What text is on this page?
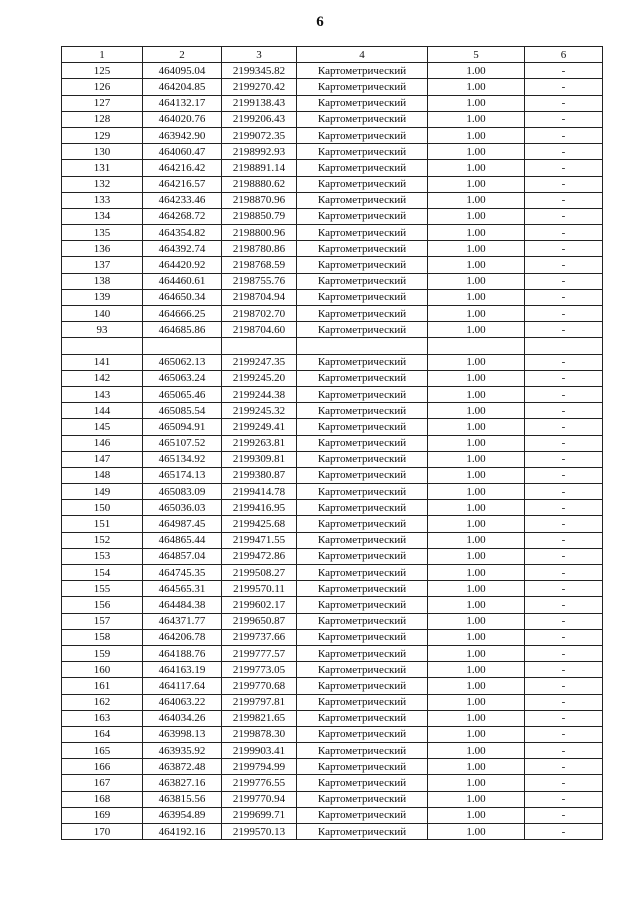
6
1	2	3	4	5	6
125	464095.04	2199345.82	Картометрический	1.00	-
126	464204.85	2199270.42	Картометрический	1.00	-
127	464132.17	2199138.43	Картометрический	1.00	-
128	464020.76	2199206.43	Картометрический	1.00	-
129	463942.90	2199072.35	Картометрический	1.00	-
130	464060.47	2198992.93	Картометрический	1.00	-
131	464216.42	2198891.14	Картометрический	1.00	-
132	464216.57	2198880.62	Картометрический	1.00	-
133	464233.46	2198870.96	Картометрический	1.00	-
134	464268.72	2198850.79	Картометрический	1.00	-
135	464354.82	2198800.96	Картометрический	1.00	-
136	464392.74	2198780.86	Картометрический	1.00	-
137	464420.92	2198768.59	Картометрический	1.00	-
138	464460.61	2198755.76	Картометрический	1.00	-
139	464650.34	2198704.94	Картометрический	1.00	-
140	464666.25	2198702.70	Картометрический	1.00	-
93	464685.86	2198704.60	Картометрический	1.00	-

141	465062.13	2199247.35	Картометрический	1.00	-
142	465063.24	2199245.20	Картометрический	1.00	-
143	465065.46	2199244.38	Картометрический	1.00	-
144	465085.54	2199245.32	Картометрический	1.00	-
145	465094.91	2199249.41	Картометрический	1.00	-
146	465107.52	2199263.81	Картометрический	1.00	-
147	465134.92	2199309.81	Картометрический	1.00	-
148	465174.13	2199380.87	Картометрический	1.00	-
149	465083.09	2199414.78	Картометрический	1.00	-
150	465036.03	2199416.95	Картометрический	1.00	-
151	464987.45	2199425.68	Картометрический	1.00	-
152	464865.44	2199471.55	Картометрический	1.00	-
153	464857.04	2199472.86	Картометрический	1.00	-
154	464745.35	2199508.27	Картометрический	1.00	-
155	464565.31	2199570.11	Картометрический	1.00	-
156	464484.38	2199602.17	Картометрический	1.00	-
157	464371.77	2199650.87	Картометрический	1.00	-
158	464206.78	2199737.66	Картометрический	1.00	-
159	464188.76	2199777.57	Картометрический	1.00	-
160	464163.19	2199773.05	Картометрический	1.00	-
161	464117.64	2199770.68	Картометрический	1.00	-
162	464063.22	2199797.81	Картометрический	1.00	-
163	464034.26	2199821.65	Картометрический	1.00	-
164	463998.13	2199878.30	Картометрический	1.00	-
165	463935.92	2199903.41	Картометрический	1.00	-
166	463872.48	2199794.99	Картометрический	1.00	-
167	463827.16	2199776.55	Картометрический	1.00	-
168	463815.56	2199770.94	Картометрический	1.00	-
169	463954.89	2199699.71	Картометрический	1.00	-
170	464192.16	2199570.13	Картометрический	1.00	-
